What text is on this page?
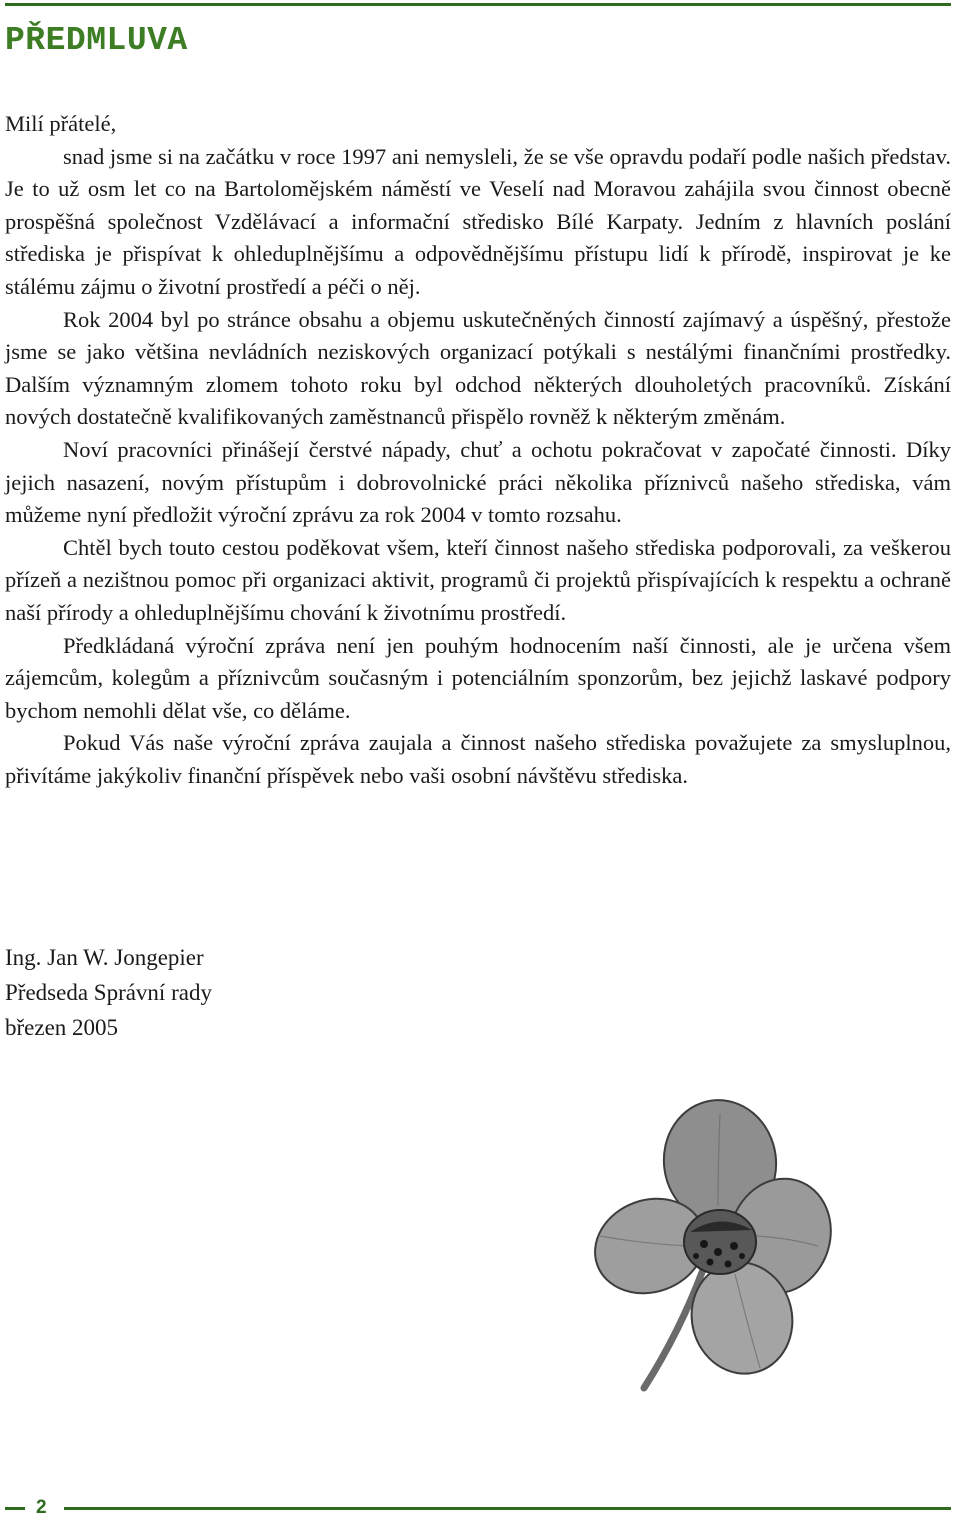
PŘEDMLUVA

Milí přátelé,

snad jsme si na začátku v roce 1997 ani nemysleli, že se vše opravdu podaří podle našich představ. Je to už osm let co na Bartolomějském náměstí ve Veselí nad Moravou zahájila svou činnost obecně prospěšná společnost Vzdělávací a informační středisko Bílé Karpaty. Jedním z hlavních poslání střediska je přispívat k ohleduplnějšímu a odpovědnějšímu přístupu lidí k přírodě, inspirovat je ke stálému zájmu o životní prostředí a péči o něj.

Rok 2004 byl po stránce obsahu a objemu uskutečněných činností zajímavý a úspěšný, přestože jsme se jako většina nevládních neziskových organizací potýkali s nestálými finančními prostředky. Dalším významným zlomem tohoto roku byl odchod některých dlouholetých pracovníků. Získání nových dostatečně kvalifikovaných zaměstnanců přispělo rovněž k některým změnám.

Noví pracovníci přinášejí čerstvé nápady, chuť a ochotu pokračovat v započaté činnosti. Díky jejich nasazení, novým přístupům i dobrovolnické práci několika příznivců našeho střediska, vám můžeme nyní předložit výroční zprávu za rok 2004 v tomto rozsahu.

Chtěl bych touto cestou poděkovat všem, kteří činnost našeho střediska podporovali, za veškerou přízeň a nezištnou pomoc při organizaci aktivit, programů či projektů přispívajících k respektu a ochraně naší přírody a ohleduplnějšímu chování k životnímu prostředí.

Předkládaná výroční zpráva není jen pouhým hodnocením naší činnosti, ale je určena všem zájemcům, kolegům a příznivcům současným i potenciálním sponzorům, bez jejichž laskavé podpory bychom nemohli dělat vše, co děláme.

Pokud Vás naše výroční zpráva zaujala a činnost našeho střediska považujete za smysluplnou, přivítáme jakýkoliv finanční příspěvek nebo vaši osobní návštěvu střediska.

Ing. Jan W. Jongepier
Předseda Správní rady
březen 2005
2
